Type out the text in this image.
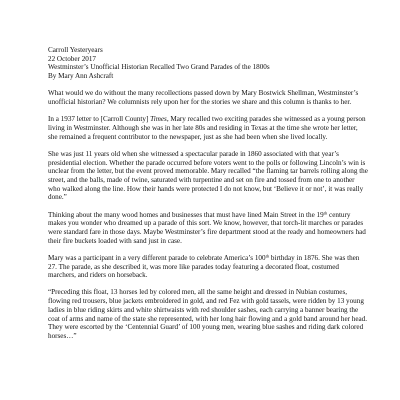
Carroll Yesteryears
22 October 2017
Westminster’s Unofficial Historian Recalled Two Grand Parades of the 1800s
By Mary Ann Ashcraft

What would we do without the many recollections passed down by Mary Bostwick Shellman, Westminster’s unofficial historian? We columnists rely upon her for the stories we share and this column is thanks to her.

In a 1937 letter to [Carroll County] Times, Mary recalled two exciting parades she witnessed as a young person living in Westminster. Although she was in her late 80s and residing in Texas at the time she wrote her letter, she remained a frequent contributor to the newspaper, just as she had been when she lived locally.

She was just 11 years old when she witnessed a spectacular parade in 1860 associated with that year’s presidential election. Whether the parade occurred before voters went to the polls or following Lincoln’s win is unclear from the letter, but the event proved memorable. Mary recalled “the flaming tar barrels rolling along the street, and the balls, made of twine, saturated with turpentine and set on fire and tossed from one to another who walked along the line. How their hands were protected I do not know, but ‘Believe it or not’, it was really done.”

Thinking about the many wood homes and businesses that must have lined Main Street in the 19th century makes you wonder who dreamed up a parade of this sort. We know, however, that torch-lit marches or parades were standard fare in those days. Maybe Westminster’s fire department stood at the ready and homeowners had their fire buckets loaded with sand just in case.

Mary was a participant in a very different parade to celebrate America’s 100th birthday in 1876. She was then 27. The parade, as she described it, was more like parades today featuring a decorated float, costumed marchers, and riders on horseback.

“Preceding this float, 13 horses led by colored men, all the same height and dressed in Nubian costumes, flowing red trousers, blue jackets embroidered in gold, and red Fez with gold tassels, were ridden by 13 young ladies in blue riding skirts and white shirtwaists with red shoulder sashes, each carrying a banner bearing the coat of arms and name of the state she represented, with her long hair flowing and a gold band around her head. They were escorted by the ‘Centennial Guard’ of 100 young men, wearing blue sashes and riding dark colored horses…”
